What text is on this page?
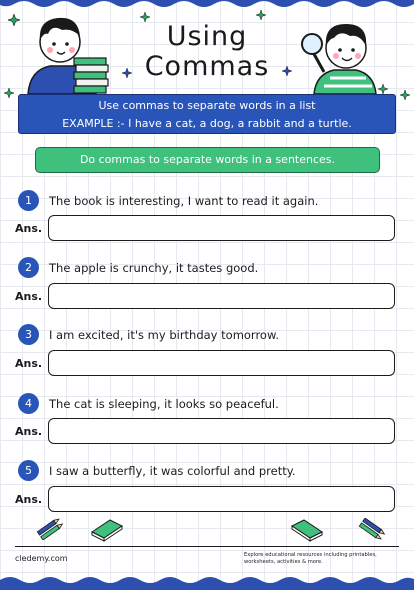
Using
Commas
Use commas to separate words in a list
EXAMPLE :- I have a cat, a dog, a rabbit and a turtle.
Do commas to separate words in a sentences.
1	The book is interesting, I want to read it again.
Ans.
2	The apple is crunchy, it tastes good.
Ans.
3	I am excited, it's my birthday tomorrow.
Ans.
4	The cat is sleeping, it looks so peaceful.
Ans.
5	I saw a butterfly, it was colorful and pretty.
Ans.
cledemy.com	Explore educational resources including printables, worksheets, activities & more.
